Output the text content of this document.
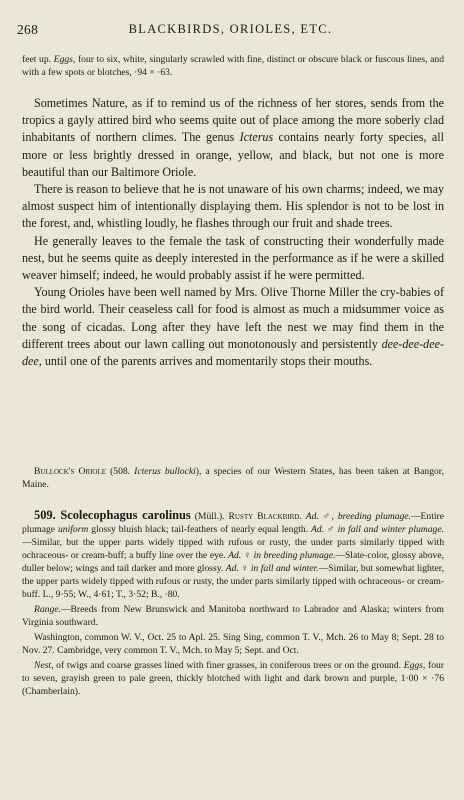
268	BLACKBIRDS, ORIOLES, ETC.

feet up. Eggs, four to six, white, singularly scrawled with fine, distinct or obscure black or fuscous lines, and with a few spots or blotches, ·94 × ·63.

Sometimes Nature, as if to remind us of the richness of her stores, sends from the tropics a gayly attired bird who seems quite out of place among the more soberly clad inhabitants of northern climes. The genus Icterus contains nearly forty species, all more or less brightly dressed in orange, yellow, and black, but not one is more beautiful than our Baltimore Oriole.

There is reason to believe that he is not unaware of his own charms; indeed, we may almost suspect him of intentionally displaying them. His splendor is not to be lost in the forest, and, whistling loudly, he flashes through our fruit and shade trees.

He generally leaves to the female the task of constructing their wonderfully made nest, but he seems quite as deeply interested in the performance as if he were a skilled weaver himself; indeed, he would probably assist if he were permitted.

Young Orioles have been well named by Mrs. Olive Thorne Miller the cry-babies of the bird world. Their ceaseless call for food is almost as much a midsummer voice as the song of cicadas. Long after they have left the nest we may find them in the different trees about our lawn calling out monotonously and persistently dee-dee-dee-dee, until one of the parents arrives and momentarily stops their mouths.

Bullock's Oriole (508. Icterus bullocki), a species of our Western States, has been taken at Bangor, Maine.

509. Scolecophagus carolinus (Müll.). Rusty Blackbird. Ad. ♂, breeding plumage.—Entire plumage uniform glossy bluish black; tail-feathers of nearly equal length. Ad. ♂ in fall and winter plumage.—Similar, but the upper parts widely tipped with rufous or rusty, the under parts similarly tipped with ochraceous- or cream-buff; a buffy line over the eye. Ad. ♀ in breeding plumage.—Slate-color, glossy above, duller below; wings and tail darker and more glossy. Ad. ♀ in fall and winter.—Similar, but somewhat lighter, the upper parts widely tipped with rufous or rusty, the under parts similarly tipped with ochraceous- or cream-buff. L., 9·55; W., 4·61; T., 3·52; B., ·80.

Range.—Breeds from New Brunswick and Manitoba northward to Labrador and Alaska; winters from Virginia southward.

Washington, common W. V., Oct. 25 to Apl. 25. Sing Sing, common T. V., Mch. 26 to May 8; Sept. 28 to Nov. 27. Cambridge, very common T. V., Mch. to May 5; Sept. and Oct.

Nest, of twigs and coarse grasses lined with finer grasses, in coniferous trees or on the ground. Eggs, four to seven, grayish green to pale green, thickly blotched with light and dark brown and purple, 1·00 × ·76 (Chamberlain).
